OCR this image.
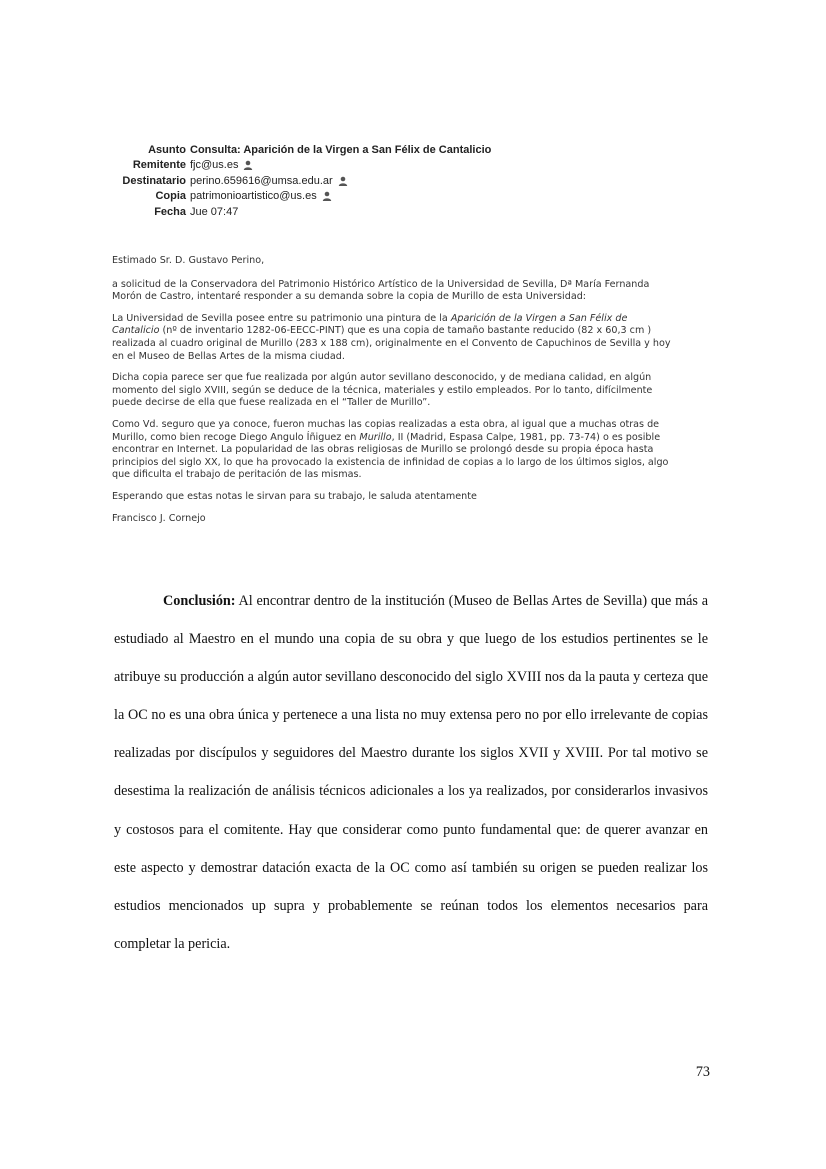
Asunto Consulta: Aparición de la Virgen a San Félix de Cantalicio
Remitente fjc@us.es
Destinatario perino.659616@umsa.edu.ar
Copia patrimonioartistico@us.es
Fecha Jue 07:47

Estimado Sr. D. Gustavo Perino,

a solicitud de la Conservadora del Patrimonio Histórico Artístico de la Universidad de Sevilla, Dª María Fernanda Morón de Castro, intentaré responder a su demanda sobre la copia de Murillo de esta Universidad:

La Universidad de Sevilla posee entre su patrimonio una pintura de la Aparición de la Virgen a San Félix de Cantalicio (nº de inventario 1282-06-EECC-PINT) que es una copia de tamaño bastante reducido (82 x 60,3 cm ) realizada al cuadro original de Murillo (283 x 188 cm), originalmente en el Convento de Capuchinos de Sevilla y hoy en el Museo de Bellas Artes de la misma ciudad.

Dicha copia parece ser que fue realizada por algún autor sevillano desconocido, y de mediana calidad, en algún momento del siglo XVIII, según se deduce de la técnica, materiales y estilo empleados. Por lo tanto, difícilmente puede decirse de ella que fuese realizada en el “Taller de Murillo”.

Como Vd. seguro que ya conoce, fueron muchas las copias realizadas a esta obra, al igual que a muchas otras de Murillo, como bien recoge Diego Angulo Íñiguez en Murillo, II (Madrid, Espasa Calpe, 1981, pp. 73-74) o es posible encontrar en Internet. La popularidad de las obras religiosas de Murillo se prolongó desde su propia época hasta principios del siglo XX, lo que ha provocado la existencia de infinidad de copias a lo largo de los últimos siglos, algo que dificulta el trabajo de peritación de las mismas.

Esperando que estas notas le sirvan para su trabajo, le saluda atentamente

Francisco J. Cornejo

Conclusión: Al encontrar dentro de la institución (Museo de Bellas Artes de Sevilla) que más a estudiado al Maestro en el mundo una copia de su obra y que luego de los estudios pertinentes se le atribuye su producción a algún autor sevillano desconocido del siglo XVIII nos da la pauta y certeza que la OC no es una obra única y pertenece a una lista no muy extensa pero no por ello irrelevante de copias realizadas por discípulos y seguidores del Maestro durante los siglos XVII y XVIII. Por tal motivo se desestima la realización de análisis técnicos adicionales a los ya realizados, por considerarlos invasivos y costosos para el comitente. Hay que considerar como punto fundamental que: de querer avanzar en este aspecto y demostrar datación exacta de la OC como así también su origen se pueden realizar los estudios mencionados up supra y probablemente se reúnan todos los elementos necesarios para completar la pericia.

73
